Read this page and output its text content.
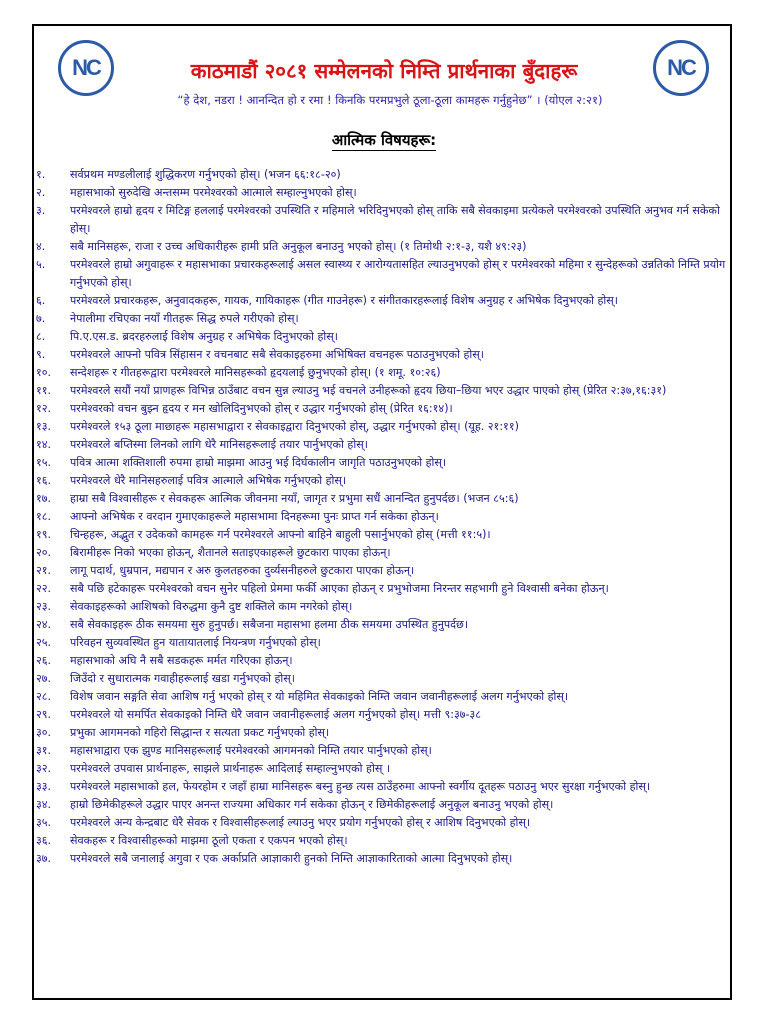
NC	NC
काठमाडौं २०८१ सम्मेलनको निम्ति प्रार्थनाका बुँदाहरू
“हे देश, नडरा ! आनन्दित हो र रमा ! किनकि परमप्रभुले ठूला-ठूला कामहरू गर्नुहुनेछ” । (योएल २:२१)
आत्मिक विषयहरू:
१.	सर्वप्रथम मण्डलीलाई शुद्धिकरण गर्नुभएको होस्। (भजन ६६:१८-२०)
२.	महासभाको सुरुदेखि अन्तसम्म परमेश्वरको आत्माले सम्हाल्नुभएको होस्।
३.	परमेश्वरले हाम्रो हृदय र मिटिङ्ग हललाई परमेश्वरको उपस्थिति र महिमाले भरिदिनुभएको होस् ताकि सबै सेवकाइमा प्रत्येकले परमेश्वरको उपस्थिति अनुभव गर्न सकेको होस्।
४.	सबै मानिसहरू, राजा र उच्च अधिकारीहरू हामी प्रति अनुकूल बनाउनु भएको होस्। (१ तिमोथी २:१-३, यशै ४९:२३)
५.	परमेश्वरले हाम्रो अगुवाहरू र महासभाका प्रचारकहरूलाई असल स्वास्थ्य र आरोग्यतासहित ल्याउनुभएको होस् र परमेश्वरको महिमा र सुन्देहरूको उन्नतिको निम्ति प्रयोग गर्नुभएको होस्।
६.	परमेश्वरले प्रचारकहरू, अनुवादकहरू, गायक, गायिकाहरू (गीत गाउनेहरू) र संगीतकारहरूलाई विशेष अनुग्रह र अभिषेक दिनुभएको होस्।
७.	नेपालीमा रचिएका नयाँ गीतहरू सिद्ध रुपले गरीएको होस्।
८.	पि.ए.एस.ड. ब्रदरहरुलाई विशेष अनुग्रह र अभिषेक दिनुभएको होस्।
९.	परमेश्वरले आफ्नो पवित्र सिंहासन र वचनबाट सबै सेवकाइहरुमा अभिषिक्त वचनहरू पठाउनुभएको होस्।
१०.	सन्देशहरू र गीतहरूद्वारा परमेश्वरले मानिसहरूको हृदयलाई छुनुभएको होस्। (१ शमू. १०:२६)
११.	परमेश्वरले सयौं नयाँ प्राणहरू विभिन्न ठाउँबाट वचन सुन्न ल्याउनु भई वचनले उनीहरूको हृदय छिया–छिया भएर उद्धार पाएको होस् (प्रेरित २:३७,१६:३१)
१२.	परमेश्वरको वचन बुझ्न हृदय र मन खोलिदिनुभएको होस् र उद्धार गर्नुभएको होस् (प्रेरित १६:१४)।
१३.	परमेश्वरले १५३ ठूला माछाहरू महासभाद्वारा र सेवकाइद्वारा दिनुभएको होस्, उद्धार गर्नुभएको होस्। (यूह. २१:११)
१४.	परमेश्वरले बप्तिस्मा लिनको लागि धेरै मानिसहरूलाई तयार पार्नुभएको होस्।
१५.	पवित्र आत्मा शक्तिशाली रुपमा हाम्रो माझमा आउनु भई दिर्घकालीन जागृति पठाउनुभएको होस्।
१६.	परमेश्वरले धेरै मानिसहरुलाई पवित्र आत्माले अभिषेक गर्नुभएको होस्।
१७.	हाम्रा सबै विश्वासीहरू र सेवकहरू आत्मिक जीवनमा नयाँ, जागृत र प्रभुमा सधैं आनन्दित हुनुपर्दछ। (भजन ८५:६)
१८.	आफ्नो अभिषेक र वरदान गुमाएकाहरूले महासभामा दिनहरूमा पुनः प्राप्त गर्न सकेका होऊन्।
१९.	चिन्हहरू, अद्भुत र उदेकको कामहरू गर्न परमेश्वरले आफ्नो बाहिने बाहुली पसार्नुभएको होस् (मत्ती ११:५)।
२०.	बिरामीहरू निको भएका होऊन्, शैतानले सताइएकाहरूले छुटकारा पाएका होऊन्।
२१.	लागू पदार्थ, धुम्रपान, मद्यपान र अरु कुलतहरुका दुर्व्यसनीहरुले छुटकारा पाएका होऊन्।
२२.	सबै पछि हटेकाहरू परमेश्वरको वचन सुनेर पहिलो प्रेममा फर्की आएका होऊन् र प्रभुभोजमा निरन्तर सहभागी हुने विश्वासी बनेका होऊन्।
२३.	सेवकाइहरूको आशिषको विरुद्धमा कुनै दुष्ट शक्तिले काम नगरेको होस्।
२४.	सबै सेवकाइहरू ठीक समयमा सुरु हुनुपर्छ। सबैजना महासभा हलमा ठीक समयमा उपस्थित हुनुपर्दछ।
२५.	परिवहन सुव्यवस्थित हुन यातायातलाई नियन्त्रण गर्नुभएको होस्।
२६.	महासभाको अघि नै सबै सडकहरू मर्मत गरिएका होऊन्।
२७.	जिउँदो र सुधारात्मक गवाहीहरूलाई खडा गर्नुभएको होस्।
२८.	विशेष जवान सङ्गति सेवा आशिष गर्नु भएको होस् र यो महिमित सेवकाइको निम्ति जवान जवानीहरूलाई अलग गर्नुभएको होस्।
२९.	परमेश्वरले यो समर्पित सेवकाइको निम्ति धेरै जवान जवानीहरूलाई अलग गर्नुभएको होस्। मत्ती ९:३७-३८
३०.	प्रभुका आगमनको गहिरो सिद्धान्त र सत्यता प्रकट गर्नुभएको होस्।
३१.	महासभाद्वारा एक झुण्ड मानिसहरूलाई परमेश्वरको आगमनको निम्ति तयार पार्नुभएको होस्।
३२.	परमेश्वरले उपवास प्रार्थनाहरू, साझले प्रार्थनाहरू आदिलाई सम्हाल्नुभएको होस् ।
३३.	परमेश्वरले महासभाको हल, फेयरहोम र जहाँ हाम्रा मानिसहरू बस्नु हुन्छ त्यस ठाउँहरुमा आफ्नो स्वर्गीय दूतहरू पठाउनु भएर सुरक्षा गर्नुभएको होस्।
३४.	हाम्रो छिमेकीहरूले उद्धार पाएर अनन्त राज्यमा अधिकार गर्न सकेका होऊन् र छिमेकीहरूलाई अनुकूल बनाउनु भएको होस्।
३५.	परमेश्वरले अन्य केन्द्रबाट धेरै सेवक र विश्वासीहरूलाई ल्याउनु भएर प्रयोग गर्नुभएको होस् र आशिष दिनुभएको होस्।
३६.	सेवकहरू र विश्वासीहरूको माझमा ठूलो एकता र एकपन भएको होस्।
३७.	परमेश्वरले सबै जनालाई अगुवा र एक अर्काप्रति आज्ञाकारी हुनको निम्ति आज्ञाकारिताको आत्मा दिनुभएको होस्।
